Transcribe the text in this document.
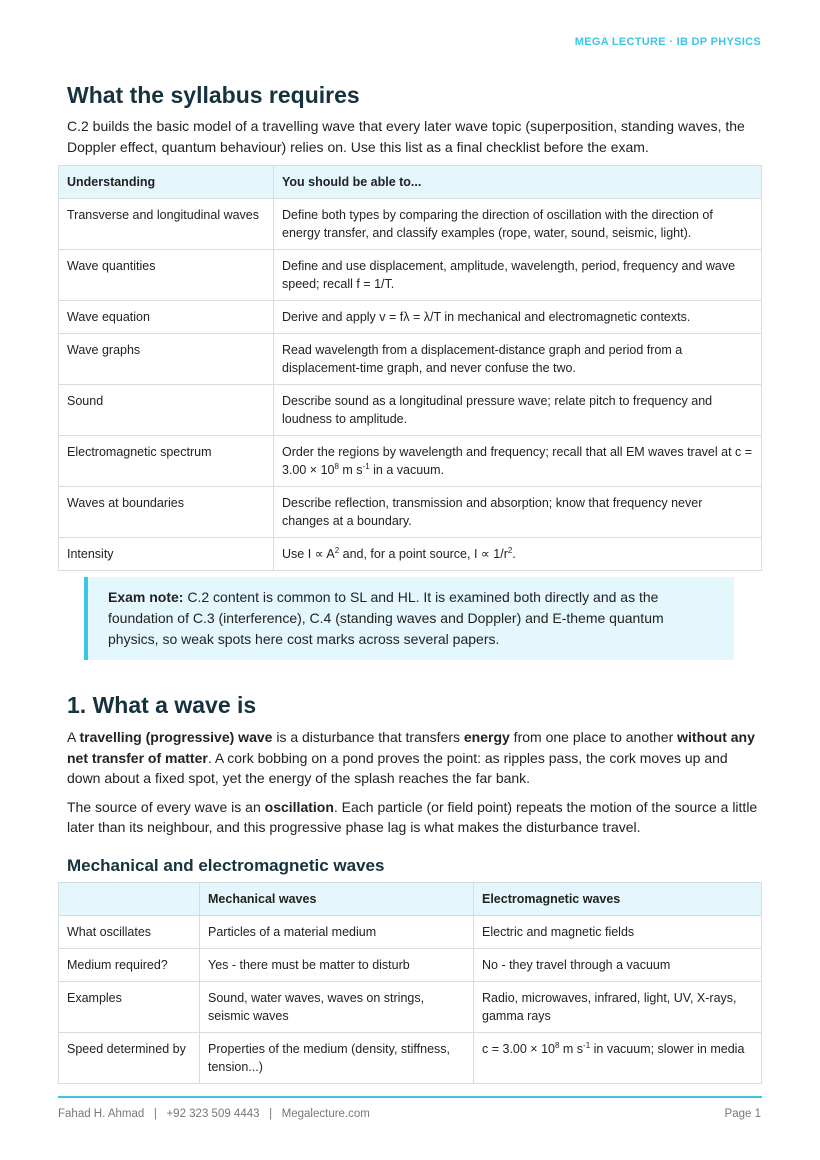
MEGA LECTURE · IB DP PHYSICS
What the syllabus requires

C.2 builds the basic model of a travelling wave that every later wave topic (superposition, standing waves, the Doppler effect, quantum behaviour) relies on. Use this list as a final checklist before the exam.

Understanding	You should be able to...
Transverse and longitudinal waves	Define both types by comparing the direction of oscillation with the direction of energy transfer, and classify examples (rope, water, sound, seismic, light).
Wave quantities	Define and use displacement, amplitude, wavelength, period, frequency and wave speed; recall f = 1/T.
Wave equation	Derive and apply v = fλ = λ/T in mechanical and electromagnetic contexts.
Wave graphs	Read wavelength from a displacement-distance graph and period from a displacement-time graph, and never confuse the two.
Sound	Describe sound as a longitudinal pressure wave; relate pitch to frequency and loudness to amplitude.
Electromagnetic spectrum	Order the regions by wavelength and frequency; recall that all EM waves travel at $c = 3.00 \times 10^8$ m $s^{-1}$ in a vacuum.
Waves at boundaries	Describe reflection, transmission and absorption; know that frequency never changes at a boundary.
Intensity	Use $I \propto A^2$ and, for a point source, $I \propto 1/r^2$.
Exam note: C.2 content is common to SL and HL. It is examined both directly and as the foundation of C.3 (interference), C.4 (standing waves and Doppler) and E-theme quantum physics, so weak spots here cost marks across several papers.
1. What a wave is

A travelling (progressive) wave is a disturbance that transfers energy from one place to another without any net transfer of matter. A cork bobbing on a pond proves the point: as ripples pass, the cork moves up and down about a fixed spot, yet the energy of the splash reaches the far bank.

The source of every wave is an oscillation. Each particle (or field point) repeats the motion of the source a little later than its neighbour, and this progressive phase lag is what makes the disturbance travel.

Mechanical and electromagnetic waves
	Mechanical waves	Electromagnetic waves
What oscillates	Particles of a material medium	Electric and magnetic fields
Medium required?	Yes - there must be matter to disturb	No - they travel through a vacuum
Examples	Sound, water waves, waves on strings, seismic waves	Radio, microwaves, infrared, light, UV, X-rays, gamma rays
Speed determined by	Properties of the medium (density, stiffness, tension...)	$c = 3.00 \times 10^8$ m $s^{-1}$ in vacuum; slower in media
Fahad H. Ahmad   |   +92 323 509 4443   |   Megalecture.com	Page 1
